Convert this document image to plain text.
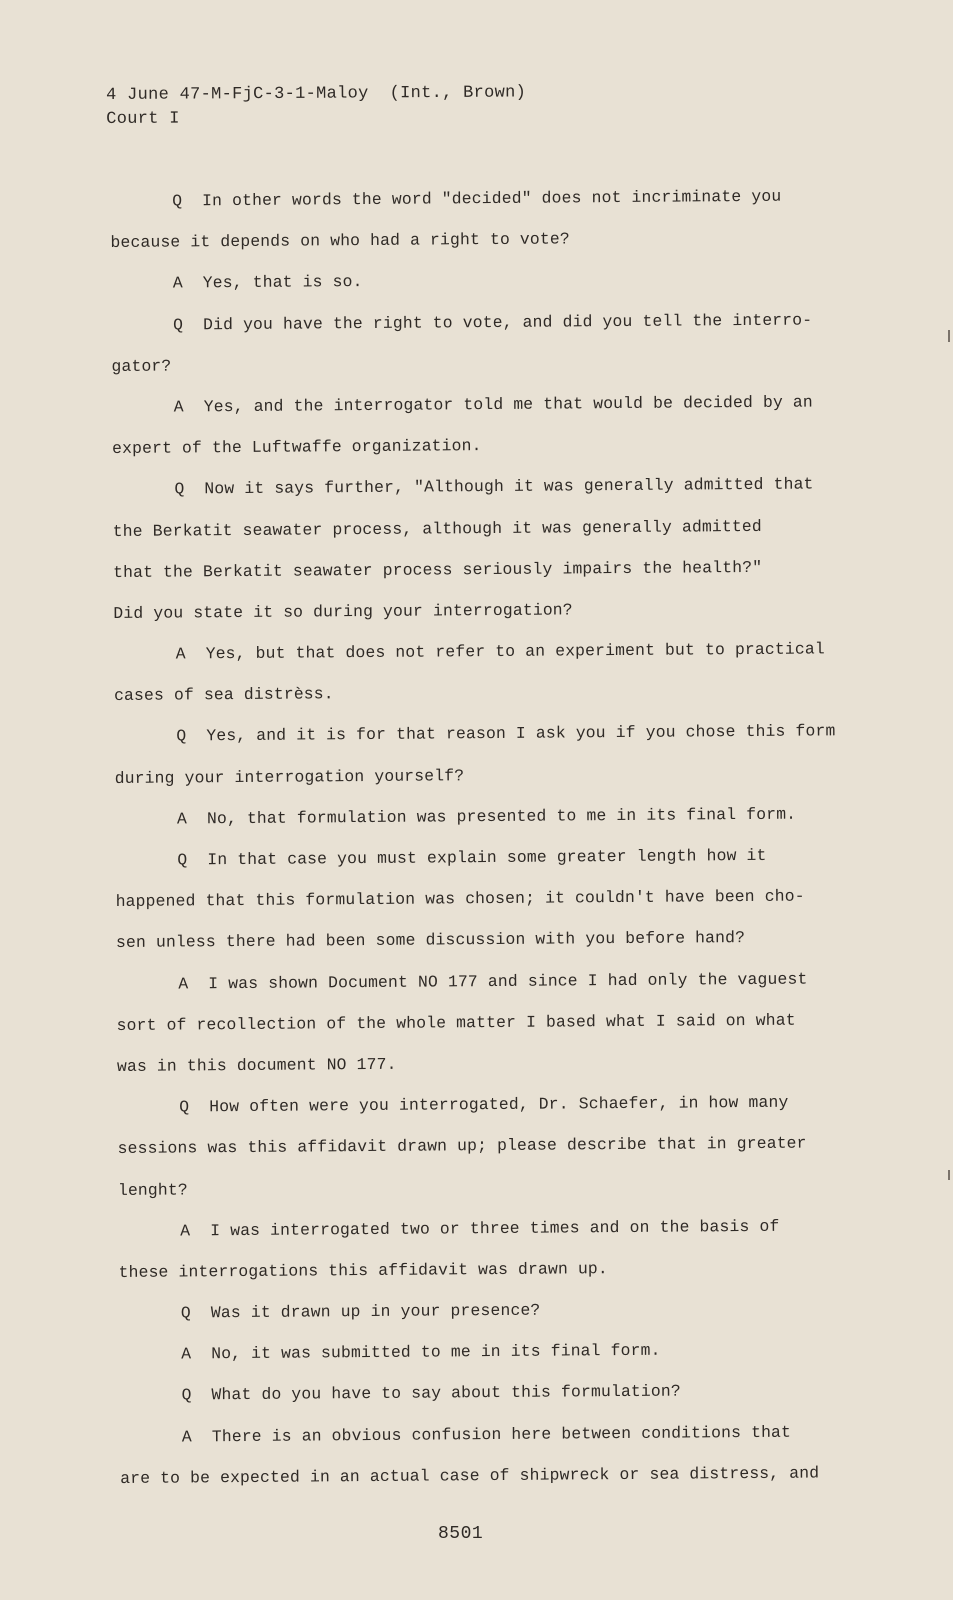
4 June 47-M-FjC-3-1-Maloy  (Int., Brown)
Court I
Q  In other words the word "decided" does not incriminate you
because it depends on who had a right to vote?
A  Yes, that is so.
Q  Did you have the right to vote, and did you tell the interro-
gator?
A  Yes, and the interrogator told me that would be decided by an
expert of the Luftwaffe organization.
Q  Now it says further, "Although it was generally admitted that
the Berkatit seawater process, although it was generally admitted
that the Berkatit seawater process seriously impairs the health?"
Did you state it so during your interrogation?
A  Yes, but that does not refer to an experiment but to practical
cases of sea distrèss.
Q  Yes, and it is for that reason I ask you if you chose this form
during your interrogation yourself?
A  No, that formulation was presented to me in its final form.
Q  In that case you must explain some greater length how it
happened that this formulation was chosen; it couldn't have been cho-
sen unless there had been some discussion with you before hand?
A  I was shown Document NO 177 and since I had only the vaguest
sort of recollection of the whole matter I based what I said on what
was in this document NO 177.
Q  How often were you interrogated, Dr. Schaefer, in how many
sessions was this affidavit drawn up; please describe that in greater
lenght?
A  I was interrogated two or three times and on the basis of
these interrogations this affidavit was drawn up.
Q  Was it drawn up in your presence?
A  No, it was submitted to me in its final form.
Q  What do you have to say about this formulation?
A  There is an obvious confusion here between conditions that
are to be expected in an actual case of shipwreck or sea distress, and
8501
